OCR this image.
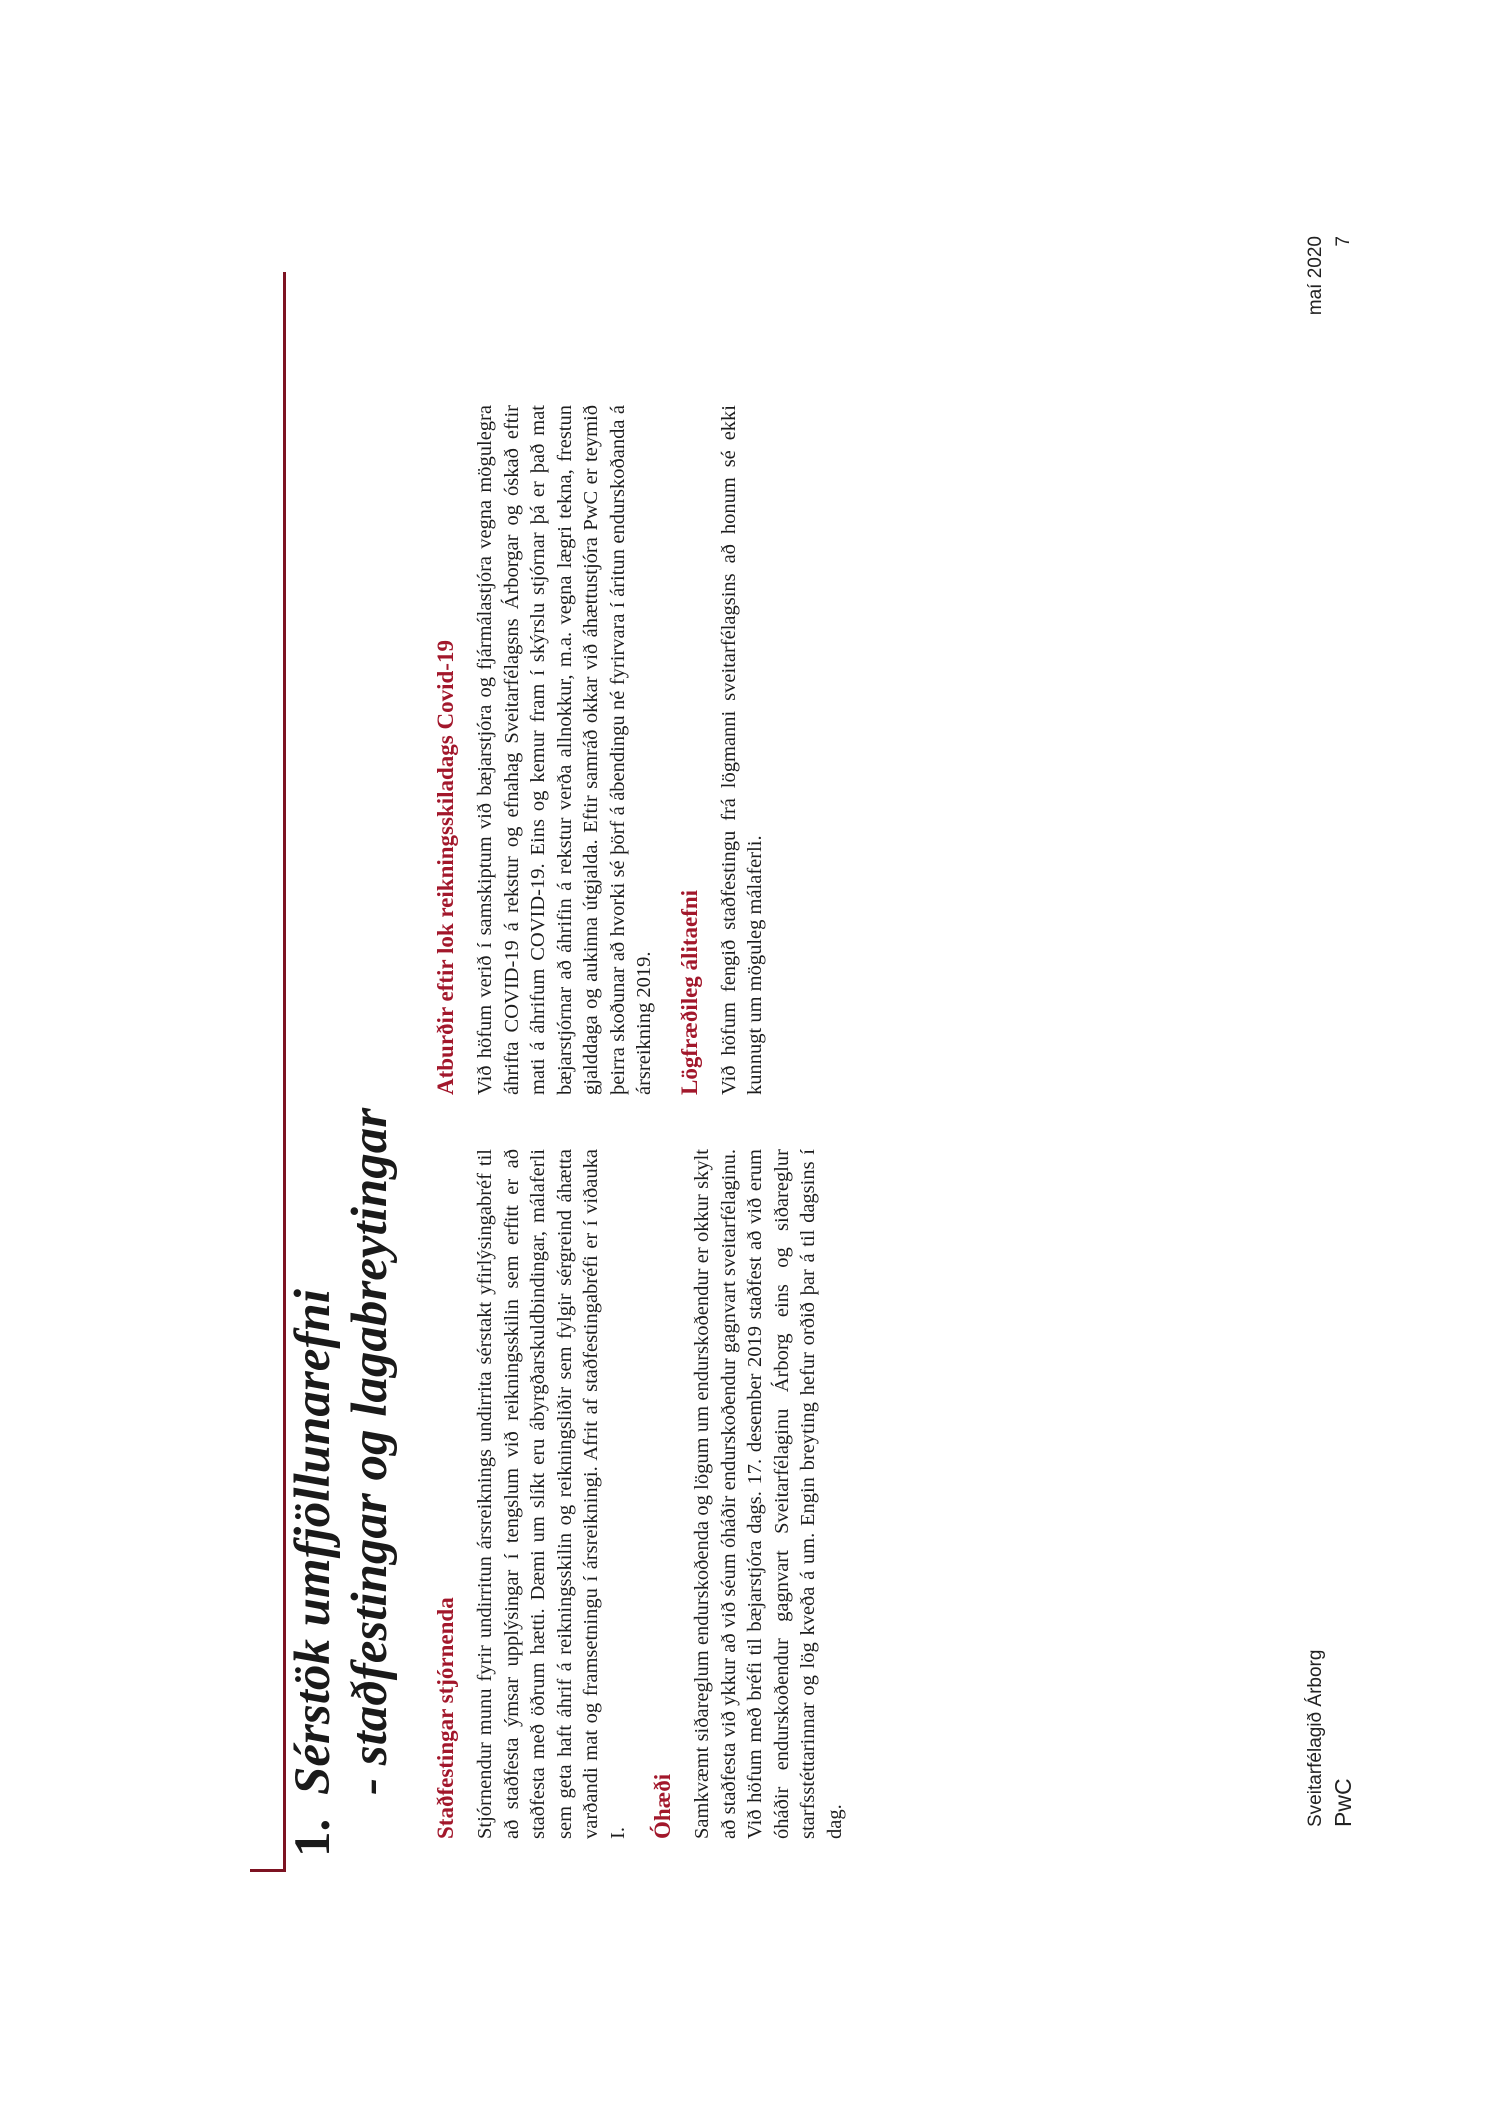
1.Sérstök umfjöllunarefni - staðfestingar og lagabreytingar Staðfestingar stjórnenda Stjórnendur munu fyrir undirritun ársreiknings undirrita sérstakt yfirlýsingabréf til að staðfesta ýmsar upplýsingar í tengslum við reikningsskilin sem erfitt er að staðfesta með öðrum hætti. Dæmi um slíkt eru ábyrgðarskuldbindingar, málaferli sem geta haft áhrif á reikningsskilin og reikningsliðir sem fylgir sérgreind áhætta varðandi mat og framsetningu í ársreikningi. Afrit af staðfestingabréfi er í viðauka I. Óhæði Samkvæmt siðareglum endurskoðenda og lögum um endurskoðendur er okkur skylt að staðfesta við ykkur að við séum óháðir endurskoðendur gagnvart sveitarfélaginu. Við höfum með bréfi til bæjarstjóra dags. 17. desember 2019 staðfest að við erum óháðir endurskoðendur gagnvart Sveitarfélaginu Árborg eins og siðareglur starfsstéttarinnar og lög kveða á um. Engin breyting hefur orðið þar á til dagsins í dag.

Atburðir eftir lok reikningsskiladags Covid-19 Við höfum verið í samskiptum við bæjarstjóra og fjármálastjóra vegna mögulegra áhrifta COVID-19 á rekstur og efnahag Sveitarfélagsns Árborgar og óskað eftir mati á áhrifum COVID-19. Eins og kemur fram í skýrslu stjórnar þá er það mat bæjarstjórnar að áhrifin á rekstur verða allnokkur, m.a. vegna lægri tekna, frestun gjalddaga og aukinna útgjalda. Eftir samráð okkar við áhættustjóra PwC er teymið þeirra skoðunar að hvorki sé þörf á ábendingu né fyrirvara í áritun endurskoðanda á ársreikning 2019. Lögfræðileg álitaefni Við höfum fengið staðfestingu frá lögmanni sveitarfélagsins að honum sé ekki kunnugt um möguleg málaferli.

Sveitarfélagið Árborg PwC
maí 2020 7
